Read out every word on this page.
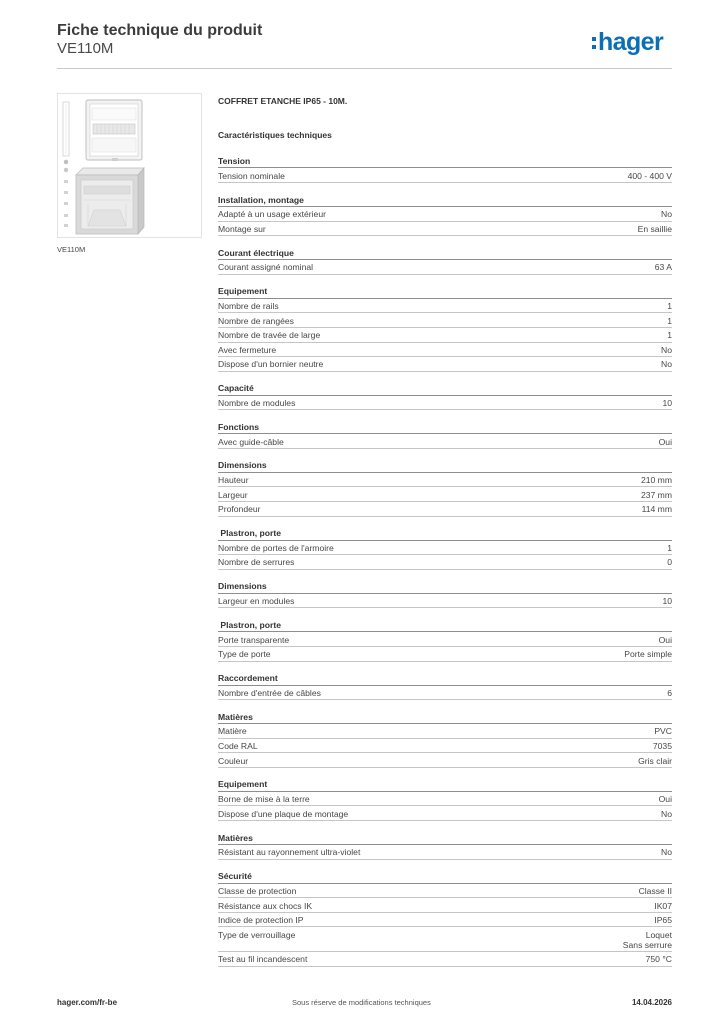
Fiche technique du produit
VE110M	hager
VE110M
COFFRET ETANCHE IP65 - 10M.
Caractéristiques techniques
Tension
Tension nominale	400 - 400 V
Installation, montage
Adapté à un usage extérieur	No
Montage sur	En saillie
Courant électrique
Courant assigné nominal	63 A
Equipement
Nombre de rails	1
Nombre de rangées	1
Nombre de travée de large	1
Avec fermeture	No
Dispose d'un bornier neutre	No
Capacité
Nombre de modules	10
Fonctions
Avec guide-câble	Oui
Dimensions
Hauteur	210 mm
Largeur	237 mm
Profondeur	114 mm
Plastron, porte
Nombre de portes de l'armoire	1
Nombre de serrures	0
Dimensions
Largeur en modules	10
Plastron, porte
Porte transparente	Oui
Type de porte	Porte simple
Raccordement
Nombre d'entrée de câbles	6
Matières
Matière	PVC
Code RAL	7035
Couleur	Gris clair
Equipement
Borne de mise à la terre	Oui
Dispose d'une plaque de montage	No
Matières
Résistant au rayonnement ultra-violet	No
Sécurité
Classe de protection	Classe II
Résistance aux chocs IK	IK07
Indice de protection IP	IP65
Type de verrouillage	Loquet
Sans serrure
Test au fil incandescent	750 °C
hager.com/fr-be	Sous réserve de modifications techniques	14.04.2026
